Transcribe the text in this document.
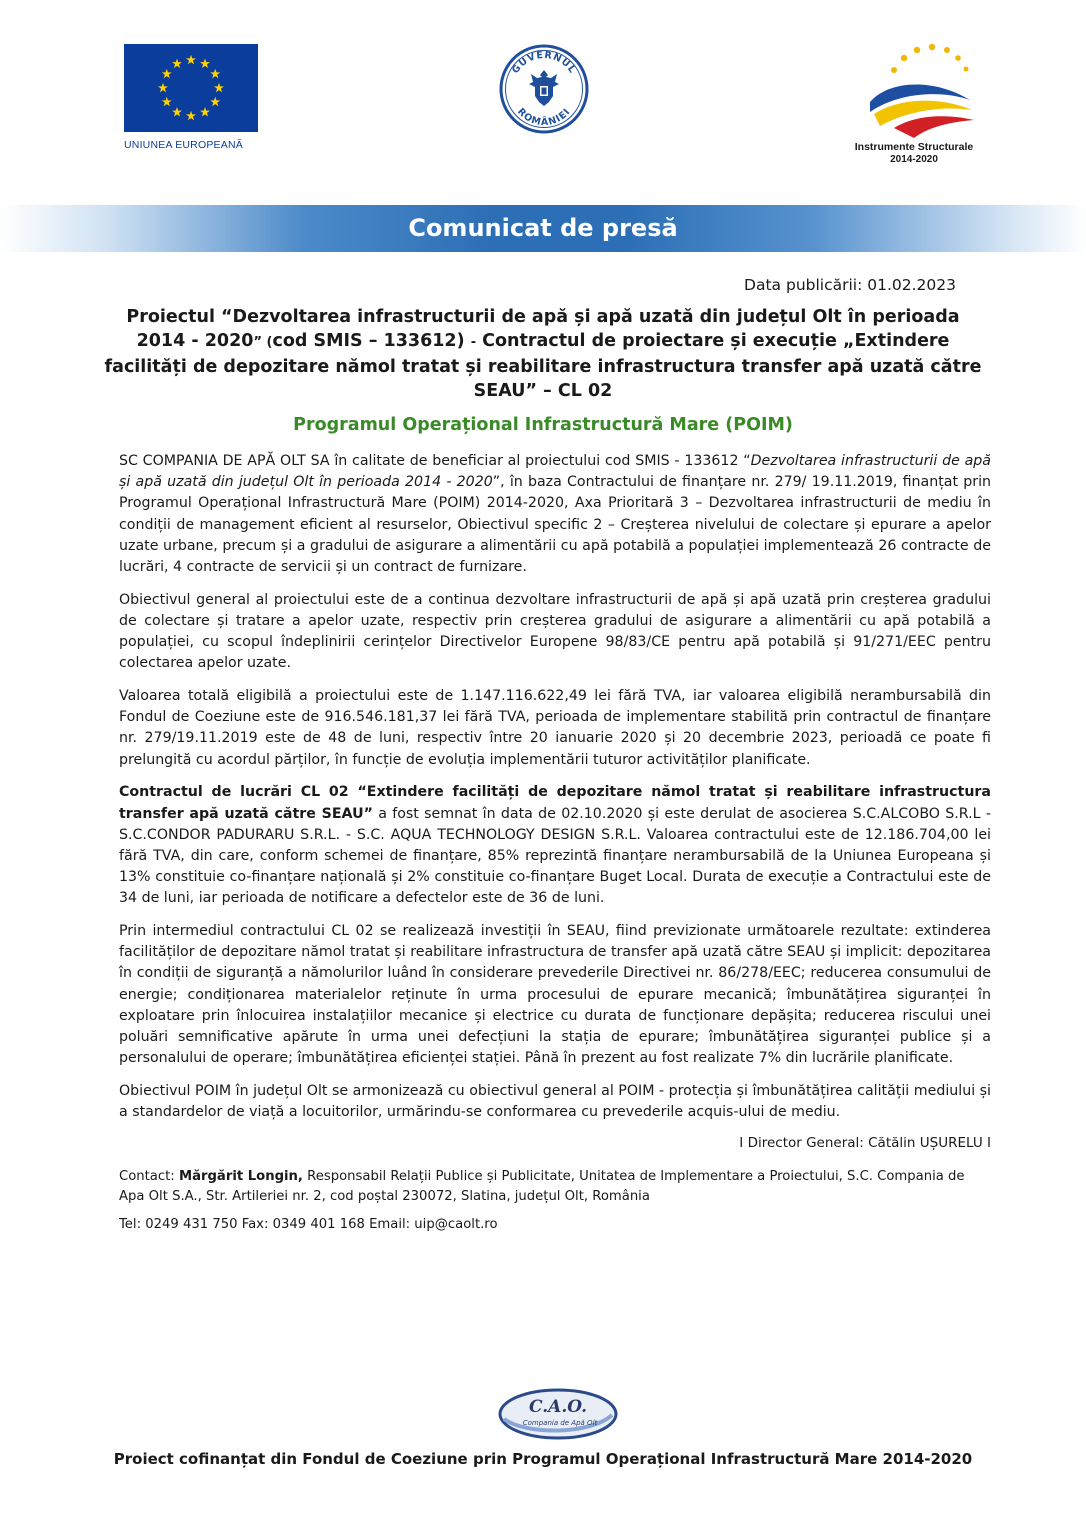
UNIUNEA EUROPEANĂ
GUVERNUL
ROMÂNIEI
Instrumente Structurale
2014-2020
Comunicat de presă
Data publicării: 01.02.2023
Proiectul “Dezvoltarea infrastructurii de apă și apă uzată din județul Olt în perioada 2014 - 2020” (cod SMIS – 133612) - Contractul de proiectare și execuție „Extindere facilități de depozitare nămol tratat și reabilitare infrastructura transfer apă uzată către SEAU” – CL 02
Programul Operațional Infrastructură Mare (POIM)

SC COMPANIA DE APĂ OLT SA în calitate de beneficiar al proiectului cod SMIS - 133612 “Dezvoltarea infrastructurii de apă și apă uzată din județul Olt în perioada 2014 - 2020”, în baza Contractului de finanțare nr. 279/ 19.11.2019, finanțat prin Programul Operațional Infrastructură Mare (POIM) 2014-2020, Axa Prioritară 3 – Dezvoltarea infrastructurii de mediu în condiții de management eficient al resurselor, Obiectivul specific 2 – Creșterea nivelului de colectare și epurare a apelor uzate urbane, precum și a gradului de asigurare a alimentării cu apă potabilă a populației implementează 26 contracte de lucrări, 4 contracte de servicii și un contract de furnizare.

Obiectivul general al proiectului este de a continua dezvoltare infrastructurii de apă și apă uzată prin creșterea gradului de colectare și tratare a apelor uzate, respectiv prin creșterea gradului de asigurare a alimentării cu apă potabilă a populației, cu scopul îndeplinirii cerințelor Directivelor Europene 98/83/CE pentru apă potabilă și 91/271/EEC pentru colectarea apelor uzate.

Valoarea totală eligibilă a proiectului este de 1.147.116.622,49 lei fără TVA, iar valoarea eligibilă nerambursabilă din Fondul de Coeziune este de 916.546.181,37 lei fără TVA, perioada de implementare stabilită prin contractul de finanțare nr. 279/19.11.2019 este de 48 de luni, respectiv între 20 ianuarie 2020 și 20 decembrie 2023, perioadă ce poate fi prelungită cu acordul părților, în funcție de evoluția implementării tuturor activităților planificate.

Contractul de lucrări CL 02 “Extindere facilități de depozitare nămol tratat și reabilitare infrastructura transfer apă uzată către SEAU” a fost semnat în data de 02.10.2020 și este derulat de asocierea S.C.ALCOBO S.R.L - S.C.CONDOR PADURARU S.R.L. - S.C. AQUA TECHNOLOGY DESIGN S.R.L. Valoarea contractului este de 12.186.704,00 lei fără TVA, din care, conform schemei de finanțare, 85% reprezintă finanțare nerambursabilă de la Uniunea Europeana și 13% constituie co-finanțare națională și 2% constituie co-finanțare Buget Local. Durata de execuție a Contractului este de 34 de luni, iar perioada de notificare a defectelor este de 36 de luni.

Prin intermediul contractului CL 02 se realizează investiții în SEAU, fiind previzionate următoarele rezultate: extinderea facilităților de depozitare nămol tratat și reabilitare infrastructura de transfer apă uzată către SEAU și implicit: depozitarea în condiții de siguranță a nămolurilor luând în considerare prevederile Directivei nr. 86/278/EEC; reducerea consumului de energie; condiționarea materialelor reținute în urma procesului de epurare mecanică; îmbunătățirea siguranței în exploatare prin înlocuirea instalațiilor mecanice și electrice cu durata de funcționare depășita; reducerea riscului unei poluări semnificative apărute în urma unei defecțiuni la stația de epurare; îmbunătățirea siguranței publice și a personalului de operare; îmbunătățirea eficienței stației. Până în prezent au fost realizate 7% din lucrările planificate.

Obiectivul POIM în județul Olt se armonizează cu obiectivul general al POIM - protecția și îmbunătățirea calității mediului și a standardelor de viață a locuitorilor, urmărindu-se conformarea cu prevederile acquis-ului de mediu.

I Director General: Cătălin UȘURELU I

Contact: Mărgărit Longin, Responsabil Relații Publice și Publicitate, Unitatea de Implementare a Proiectului, S.C. Compania de Apa Olt S.A., Str. Artileriei nr. 2, cod poștal 230072, Slatina, județul Olt, România

Tel: 0249 431 750 Fax: 0349 401 168 Email: uip@caolt.ro

C.A.O.
Compania de Apă Olt
Proiect cofinanțat din Fondul de Coeziune prin Programul Operațional Infrastructură Mare 2014-2020
